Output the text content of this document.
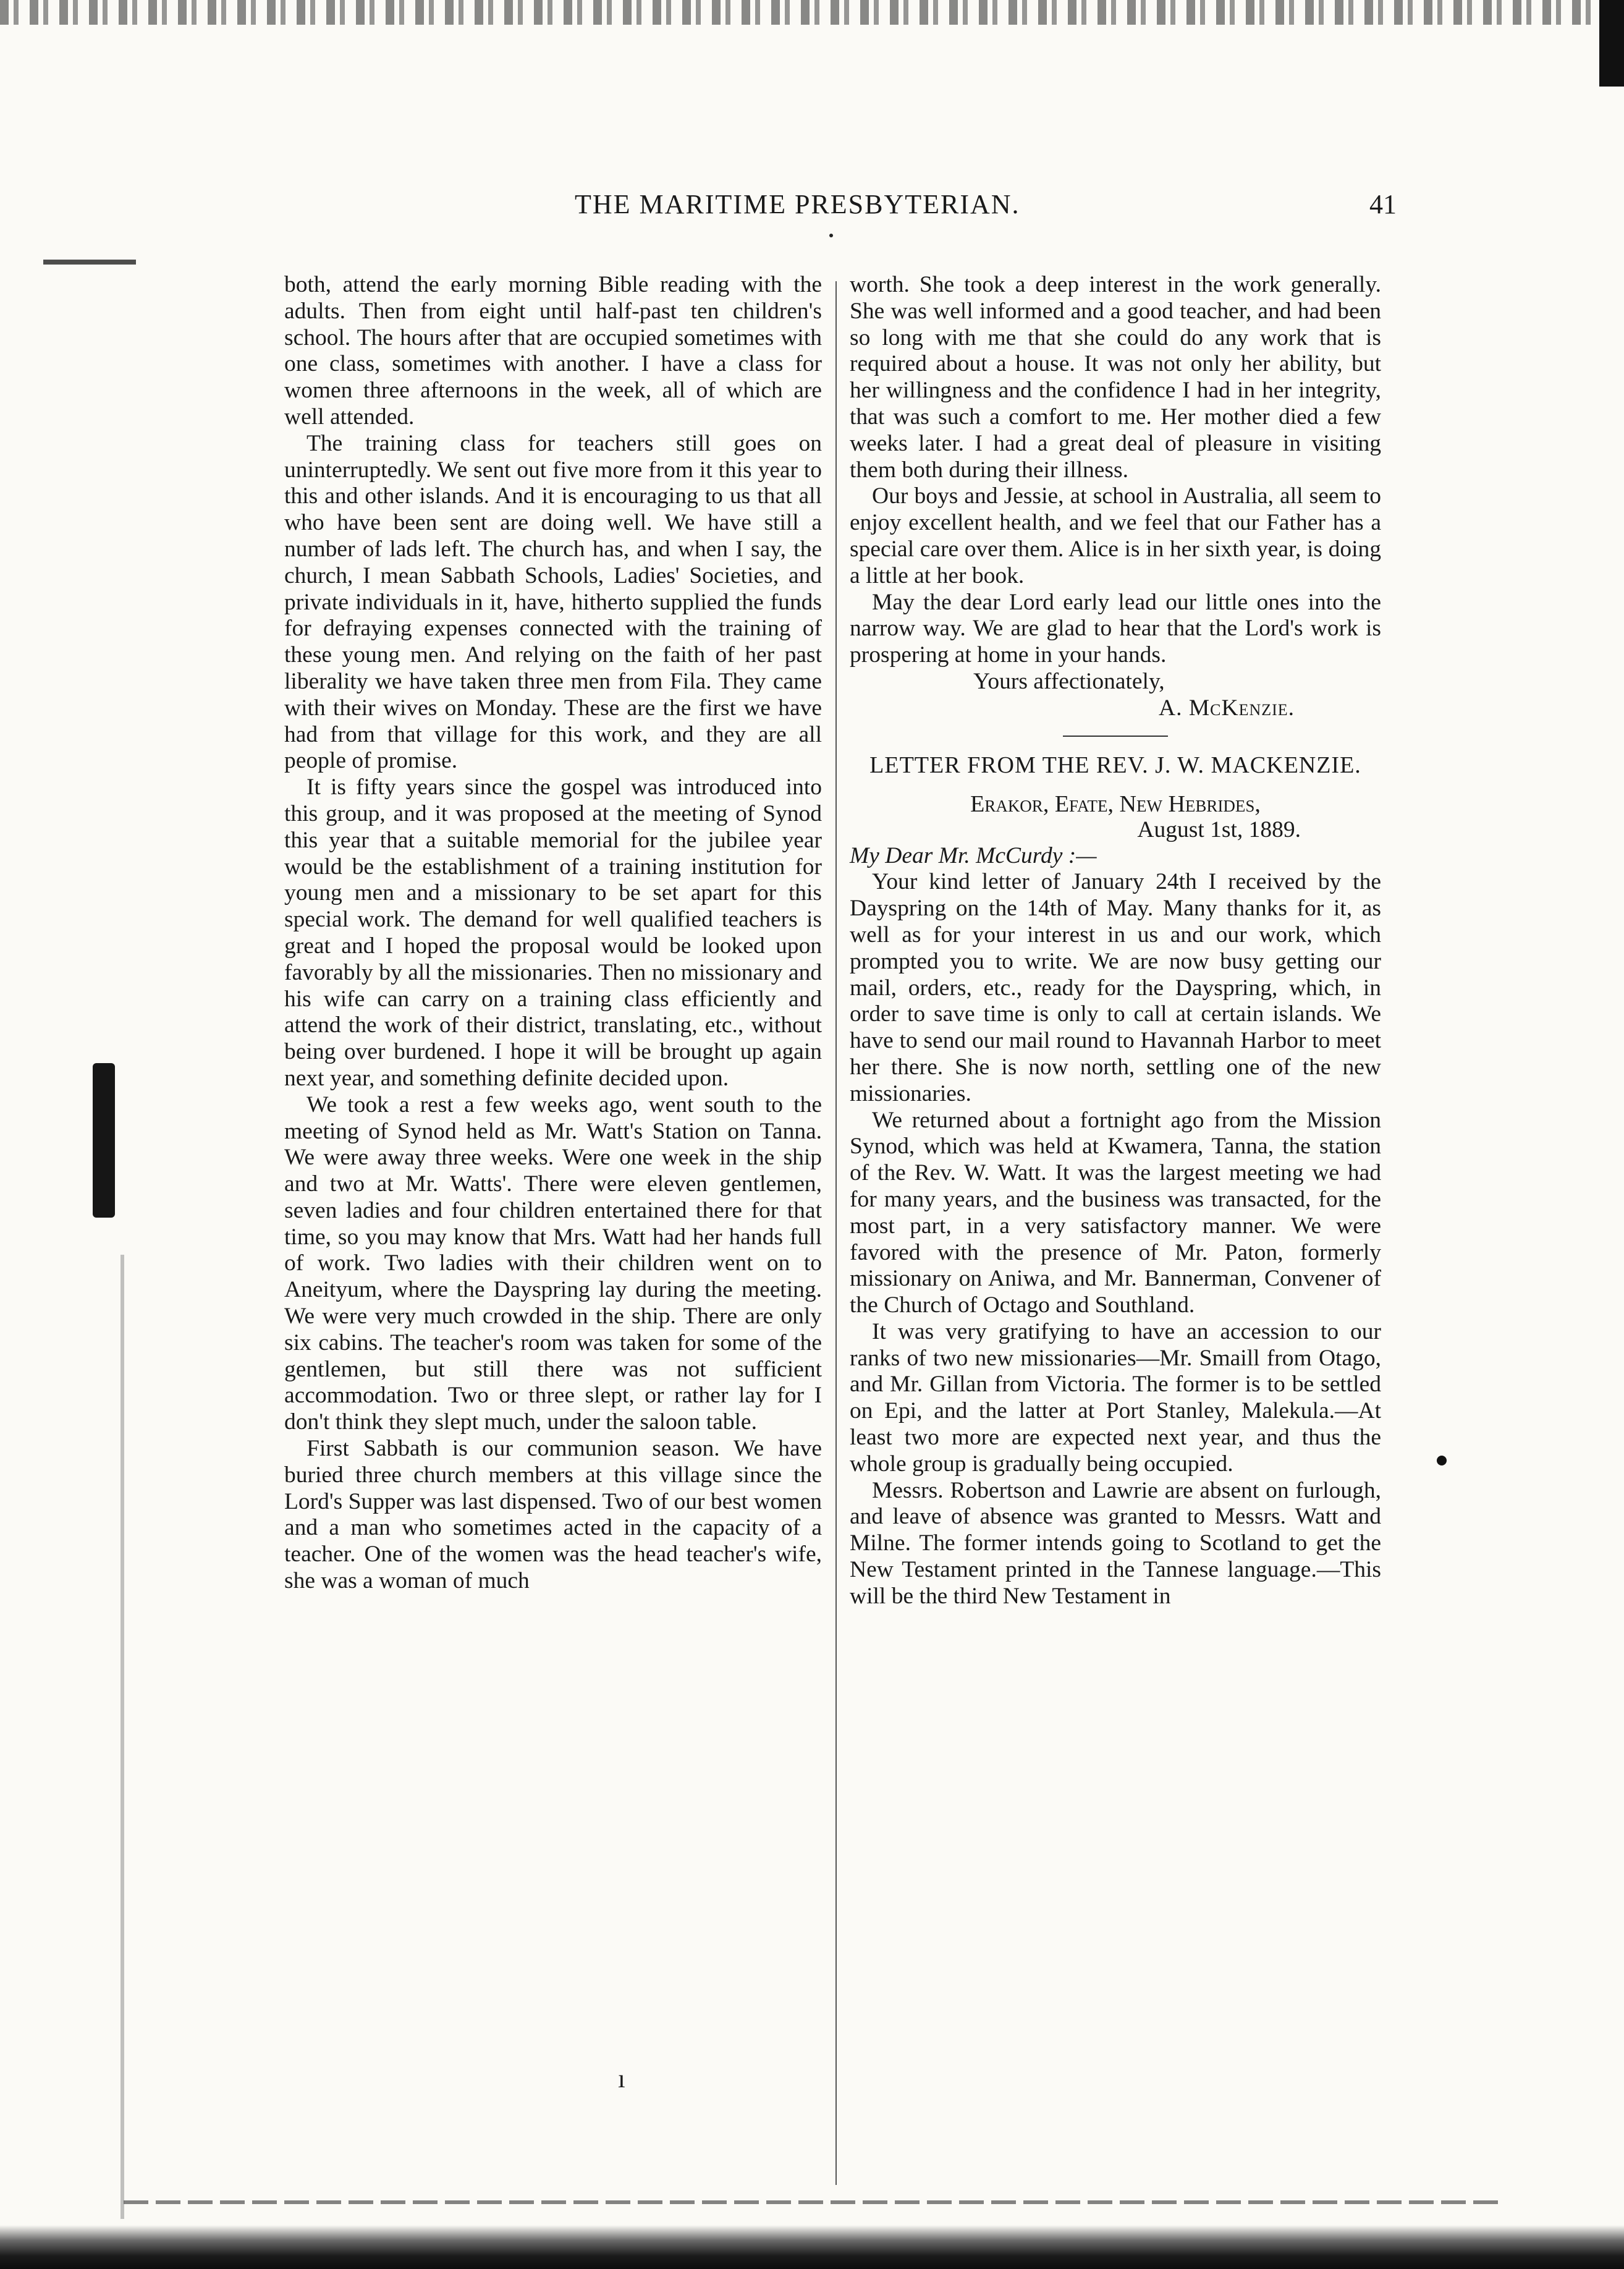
THE MARITIME PRESBYTERIAN.	41

both, attend the early morning Bible reading with the adults. Then from eight until half-past ten children's school. The hours after that are occupied sometimes with one class, sometimes with another. I have a class for women three afternoons in the week, all of which are well attended.

The training class for teachers still goes on uninterruptedly. We sent out five more from it this year to this and other islands. And it is encouraging to us that all who have been sent are doing well. We have still a number of lads left. The church has, and when I say, the church, I mean Sabbath Schools, Ladies' Societies, and private individuals in it, have, hitherto supplied the funds for defraying expenses connected with the training of these young men. And relying on the faith of her past liberality we have taken three men from Fila. They came with their wives on Monday. These are the first we have had from that village for this work, and they are all people of promise.

It is fifty years since the gospel was introduced into this group, and it was proposed at the meeting of Synod this year that a suitable memorial for the jubilee year would be the establishment of a training institution for young men and a missionary to be set apart for this special work. The demand for well qualified teachers is great and I hoped the proposal would be looked upon favorably by all the missionaries. Then no missionary and his wife can carry on a training class efficiently and attend the work of their district, translating, etc., without being over burdened. I hope it will be brought up again next year, and something definite decided upon.

We took a rest a few weeks ago, went south to the meeting of Synod held as Mr. Watt's Station on Tanna. We were away three weeks. Were one week in the ship and two at Mr. Watts'. There were eleven gentlemen, seven ladies and four children entertained there for that time, so you may know that Mrs. Watt had her hands full of work. Two ladies with their children went on to Aneityum, where the Dayspring lay during the meeting. We were very much crowded in the ship. There are only six cabins. The teacher's room was taken for some of the gentlemen, but still there was not sufficient accommodation. Two or three slept, or rather lay for I don't think they slept much, under the saloon table.

First Sabbath is our communion season. We have buried three church members at this village since the Lord's Supper was last dispensed. Two of our best women and a man who sometimes acted in the capacity of a teacher. One of the women was the head teacher's wife, she was a woman of much

worth. She took a deep interest in the work generally. She was well informed and a good teacher, and had been so long with me that she could do any work that is required about a house. It was not only her ability, but her willingness and the confidence I had in her integrity, that was such a comfort to me. Her mother died a few weeks later. I had a great deal of pleasure in visiting them both during their illness.

Our boys and Jessie, at school in Australia, all seem to enjoy excellent health, and we feel that our Father has a special care over them. Alice is in her sixth year, is doing a little at her book.

May the dear Lord early lead our little ones into the narrow way. We are glad to hear that the Lord's work is prospering at home in your hands.

Yours affectionately,
A. McKenzie.

LETTER FROM THE REV. J. W. MACKENZIE.
Erakor, Efate, New Hebrides,
August 1st, 1889.

My Dear Mr. McCurdy :—

Your kind letter of January 24th I received by the Dayspring on the 14th of May. Many thanks for it, as well as for your interest in us and our work, which prompted you to write. We are now busy getting our mail, orders, etc., ready for the Dayspring, which, in order to save time is only to call at certain islands. We have to send our mail round to Havannah Harbor to meet her there. She is now north, settling one of the new missionaries.

We returned about a fortnight ago from the Mission Synod, which was held at Kwamera, Tanna, the station of the Rev. W. Watt. It was the largest meeting we had for many years, and the business was transacted, for the most part, in a very satisfactory manner. We were favored with the presence of Mr. Paton, formerly missionary on Aniwa, and Mr. Bannerman, Convener of the Church of Octago and Southland.

It was very gratifying to have an accession to our ranks of two new missionaries—Mr. Smaill from Otago, and Mr. Gillan from Victoria. The former is to be settled on Epi, and the latter at Port Stanley, Malekula.—At least two more are expected next year, and thus the whole group is gradually being occupied.

Messrs. Robertson and Lawrie are absent on furlough, and leave of absence was granted to Messrs. Watt and Milne. The former intends going to Scotland to get the New Testament printed in the Tannese language.—This will be the third New Testament in

ı
